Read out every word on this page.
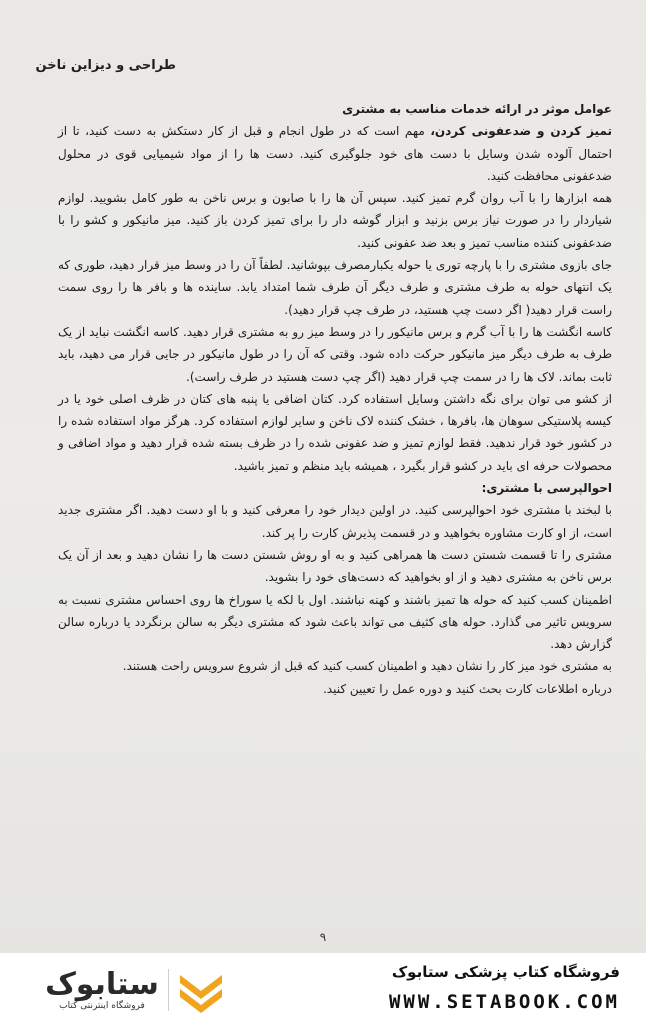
طراحی و دیزاین ناخن

عوامل موثر در ارائه خدمات مناسب به مشتری

تمیز کردن و ضدعفونی کردن، مهم است که در طول انجام و قبل از کار دستکش به دست کنید، تا از احتمال آلوده شدن وسایل با دست های خود جلوگیری کنید. دست ها را از مواد شیمیایی قوی در محلول ضدعفونی محافظت کنید.

همه ابزارها را با آب روان گرم تمیز کنید. سپس آن ها را با صابون و برس ناخن به طور کامل بشویید. لوازم شیاردار را در صورت نیاز برس بزنید و ابزار گوشه دار را برای تمیز کردن باز کنید. میز مانیکور و کشو را با ضدعفونی کننده مناسب تمیز و بعد ضد عفونی کنید.

جای بازوی مشتری را با پارچه توری یا حوله یکبارمصرف بپوشانید. لطفاً آن را در وسط میز قرار دهید، طوری که یک انتهای حوله به طرف مشتری و طرف دیگر آن طرف شما امتداد یابد. ساینده ها و بافر ها را روی سمت راست قرار دهید( اگر دست چپ هستید، در طرف چپ قرار دهید).

کاسه انگشت ها را با آب گرم و برس مانیکور را در وسط میز رو به مشتری قرار دهید. کاسه انگشت نباید از یک طرف به طرف دیگر میز مانیکور حرکت داده شود. وقتی که آن را در طول مانیکور در جایی قرار می دهید، باید ثابت بماند. لاک ها را در سمت چپ قرار دهید (اگر چپ دست هستید در طرف راست).

از کشو می توان برای نگه داشتن وسایل استفاده کرد. کتان اضافی یا پنبه های کتان در ظرف اصلی خود یا در کیسه پلاستیکی سوهان ها، بافرها ، خشک کننده لاک ناخن و سایر لوازم استفاده کرد. هرگز مواد استفاده شده را در کشور خود قرار ندهید. فقط لوازم تمیز و ضد عفونی شده را در ظرف بسته شده قرار دهید و مواد اضافی و محصولات حرفه ای باید در کشو قرار بگیرد ، همیشه باید منظم و تمیز باشید.

احوالپرسی با مشتری:

با لبخند با مشتری خود احوالپرسی کنید. در اولین دیدار خود را معرفی کنید و با او دست دهید. اگر مشتری جدید است، از او کارت مشاوره بخواهید و در قسمت پذیرش کارت را پر کند.

مشتری را تا قسمت شستن دست ها همراهی کنید و به او روش شستن دست ها را نشان دهید و بعد از آن یک برس ناخن به مشتری دهید و از او بخواهید که دست‌های خود را بشوید.

اطمینان کسب کنید که حوله ها تمیز باشند و کهنه نباشند. اول با لکه یا سوراخ ها روی احساس مشتری نسبت به سرویس تاثیر می گذارد. حوله های کثیف می تواند باعث شود که مشتری دیگر به سالن برنگردد یا درباره سالن گزارش دهد.

به مشتری خود میز کار را نشان دهید و اطمینان کسب کنید که قبل از شروع سرویس راحت هستند.

درباره اطلاعات کارت بحث کنید و دوره عمل را تعیین کنید.

۹
ستابوک
فروشگاه اینترنتی کتاب
فروشگاه کتاب پزشکی ستابوک
WWW.SETABOOK.COM
